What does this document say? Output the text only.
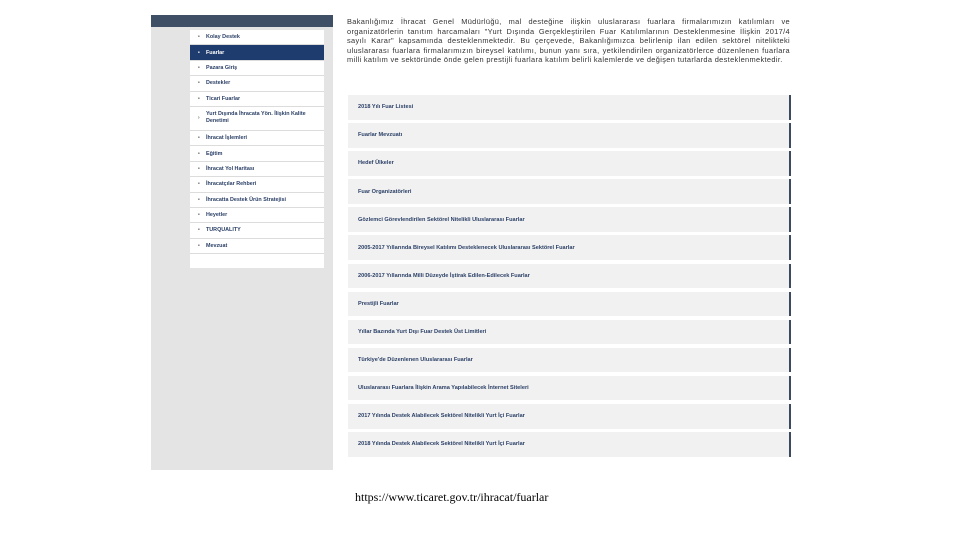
•	Kolay Destek
•	Fuarlar
•	Pazara Giriş
•	Destekler
•	Ticari Fuarlar
›
Yurt Dışında İhracata Yön. İlişkin Kalite Denetimi
•	İhracat İşlemleri
•	Eğitim
•	İhracat Yol Haritası
•	İhracatçılar Rehberi
•	İhracatta Destek Ürün Stratejisi
•	Heyetler
•	TURQUALITY
•	Mevzuat

Bakanlığımız İhracat Genel Müdürlüğü, mal desteğine ilişkin uluslararası fuarlara firmalarımızın katılımları ve organizatörlerin tanıtım harcamaları "Yurt Dışında Gerçekleştirilen Fuar Katılımlarının Desteklenmesine İlişkin 2017/4 sayılı Karar" kapsamında desteklenmektedir. Bu çerçevede, Bakanlığımızca belirlenip ilan edilen sektörel nitelikteki uluslararası fuarlara firmalarımızın bireysel katılımı, bunun yanı sıra, yetkilendirilen organizatörlerce düzenlenen fuarlara milli katılım ve sektöründe önde gelen prestijli fuarlara katılım belirli kalemlerde ve değişen tutarlarda desteklenmektedir.

2018 Yılı Fuar Listesi
Fuarlar Mevzuatı
Hedef Ülkeler
Fuar Organizatörleri
Gözlemci Görevlendirilen Sektörel Nitelikli Uluslararası Fuarlar
2005-2017 Yıllarında Bireysel Katılımı Desteklenecek Uluslararası Sektörel Fuarlar
2006-2017 Yıllarında Milli Düzeyde İştirak Edilen-Edilecek Fuarlar
Prestijli Fuarlar
Yıllar Bazında Yurt Dışı Fuar Destek Üst Limitleri
Türkiye'de Düzenlenen Uluslararası Fuarlar
Uluslararası Fuarlara İlişkin Arama Yapılabilecek İnternet Siteleri
2017 Yılında Destek Alabilecek Sektörel Nitelikli Yurt İçi Fuarlar
2018 Yılında Destek Alabilecek Sektörel Nitelikli Yurt İçi Fuarlar
https://www.ticaret.gov.tr/ihracat/fuarlar
